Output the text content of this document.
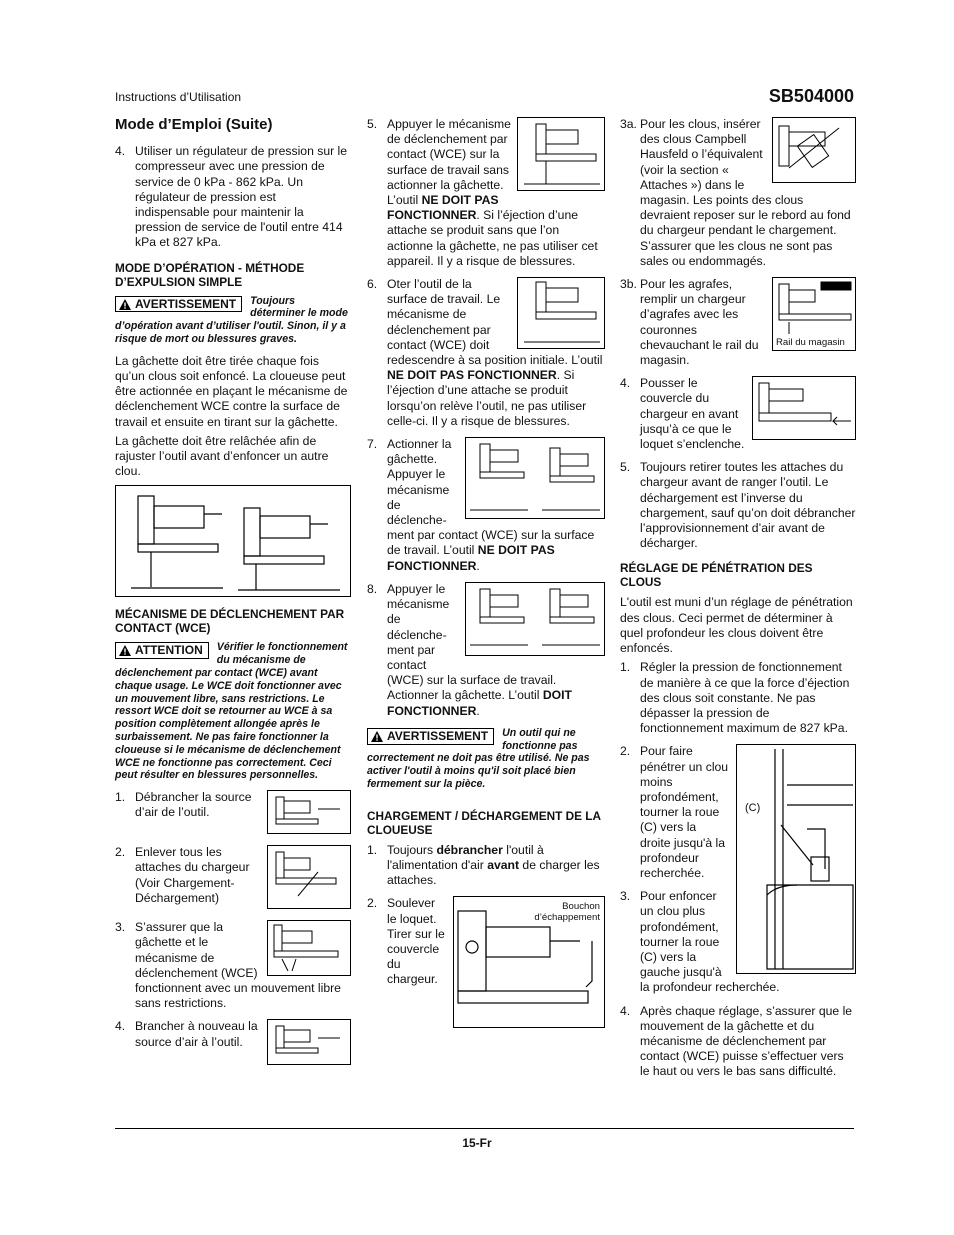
Instructions d’Utilisation	SB504000
Mode d’Emploi (Suite)
4. Utiliser un régulateur de pression sur le compresseur avec une pression de service de 0 kPa - 862 kPa. Un régulateur de pression est indispensable pour maintenir la pression de service de l'outil entre 414 kPa et 827 kPa.
MODE D’OPÉRATION - MÉTHODE D’EXPULSION SIMPLE
AVERTISSEMENT Toujours déterminer le mode d’opération avant d’utiliser l'outil. Sinon, il y a risque de mort ou blessures graves.

La gâchette doit être tirée chaque fois qu’un clous soit enfoncé. La cloueuse peut être actionnée en plaçant le mécanisme de déclenchement WCE contre la surface de travail et ensuite en tirant sur la gâchette.

La gâchette doit être relâchée afin de rajuster l’outil avant d’enfoncer un autre clou.

MÉCANISME DE DÉCLENCHEMENT PAR CONTACT (WCE)
ATTENTION Vérifier le fonctionnement du mécanisme de déclenchement par contact (WCE) avant chaque usage. Le WCE doit fonctionner avec un mouvement libre, sans restrictions. Le ressort WCE doit se retourner au WCE à sa position complètement allongée après le surbaissement. Ne pas faire fonctionner la cloueuse si le mécanisme de déclenchement WCE ne fonctionne pas correctement. Ceci peut résulter en blessures personnelles.
1. Débrancher la source d’air de l’outil.
2. Enlever tous les attaches du chargeur (Voir Chargement-Déchargement)
3. S’assurer que la gâchette et le mécanisme de déclenchement (WCE) fonctionnent avec un mouvement libre sans restrictions.
4. Brancher à nouveau la source d’air à l’outil.
5. Appuyer le mécanisme de déclenchement par contact (WCE) sur la surface de travail sans actionner la gâchette. L’outil NE DOIT PAS FONCTIONNER. Si l’éjection d’une attache se produit sans que l’on actionne la gâchette, ne pas utiliser cet appareil. Il y a risque de blessures.
6. Oter l’outil de la surface de travail. Le mécanisme de déclenchement par contact (WCE) doit redescendre à sa position initiale. L’outil NE DOIT PAS FONCTIONNER. Si l’éjection d’une attache se produit lorsqu’on relève l’outil, ne pas utiliser celle-ci. Il y a risque de blessures.
7. Actionner la gâchette. Appuyer le mécanisme de déclenche- ment par contact (WCE) sur la surface de travail. L’outil NE DOIT PAS FONCTIONNER.
8. Appuyer le mécanisme de déclenche- ment par contact (WCE) sur la surface de travail. Actionner la gâchette. L’outil DOIT FONCTIONNER.
AVERTISSEMENT Un outil qui ne fonctionne pas correctement ne doit pas être utilisé. Ne pas activer l'outil à moins qu'il soit placé bien fermement sur la pièce.
CHARGEMENT / DÉCHARGEMENT DE LA CLOUEUSE
1. Toujours débrancher l'outil à l'alimentation d'air avant de charger les attaches.
Bouchon d’échappement
2. Soulever le loquet. Tirer sur le couvercle du chargeur.
3a. Pour les clous, insérer des clous Campbell Hausfeld o l’équivalent (voir la section « Attaches ») dans le magasin. Les points des clous devraient reposer sur le rebord au fond du chargeur pendant le chargement. S’assurer que les clous ne sont pas sales ou endommagés.
Rail du magasin
3b. Pour les agrafes, remplir un chargeur d’agrafes avec les couronnes chevauchant le rail du magasin.
4. Pousser le couvercle du chargeur en avant jusqu’à ce que le loquet s’enclenche.
5. Toujours retirer toutes les attaches du chargeur avant de ranger l’outil. Le déchargement est l’inverse du chargement, sauf qu’on doit débrancher l’approvisionnement d’air avant de décharger.
RÉGLAGE DE PÉNÉTRATION DES CLOUS

L'outil est muni d’un réglage de pénétration des clous. Ceci permet de déterminer à quel profondeur les clous doivent être enfoncés.

1. Régler la pression de fonctionnement de manière à ce que la force d’éjection des clous soit constante. Ne pas dépasser la pression de fonctionnement maximum de 827 kPa.
(C)
2. Pour faire pénétrer un clou moins profondément, tourner la roue (C) vers la droite jusqu'à la profondeur recherchée.
3. Pour enfoncer un clou plus profondément, tourner la roue (C) vers la gauche jusqu'à la profondeur recherchée.
4. Après chaque réglage, s’assurer que le mouvement de la gâchette et du mécanisme de déclenchement par contact (WCE) puisse s’effectuer vers le haut ou vers le bas sans difficulté.
15-Fr
